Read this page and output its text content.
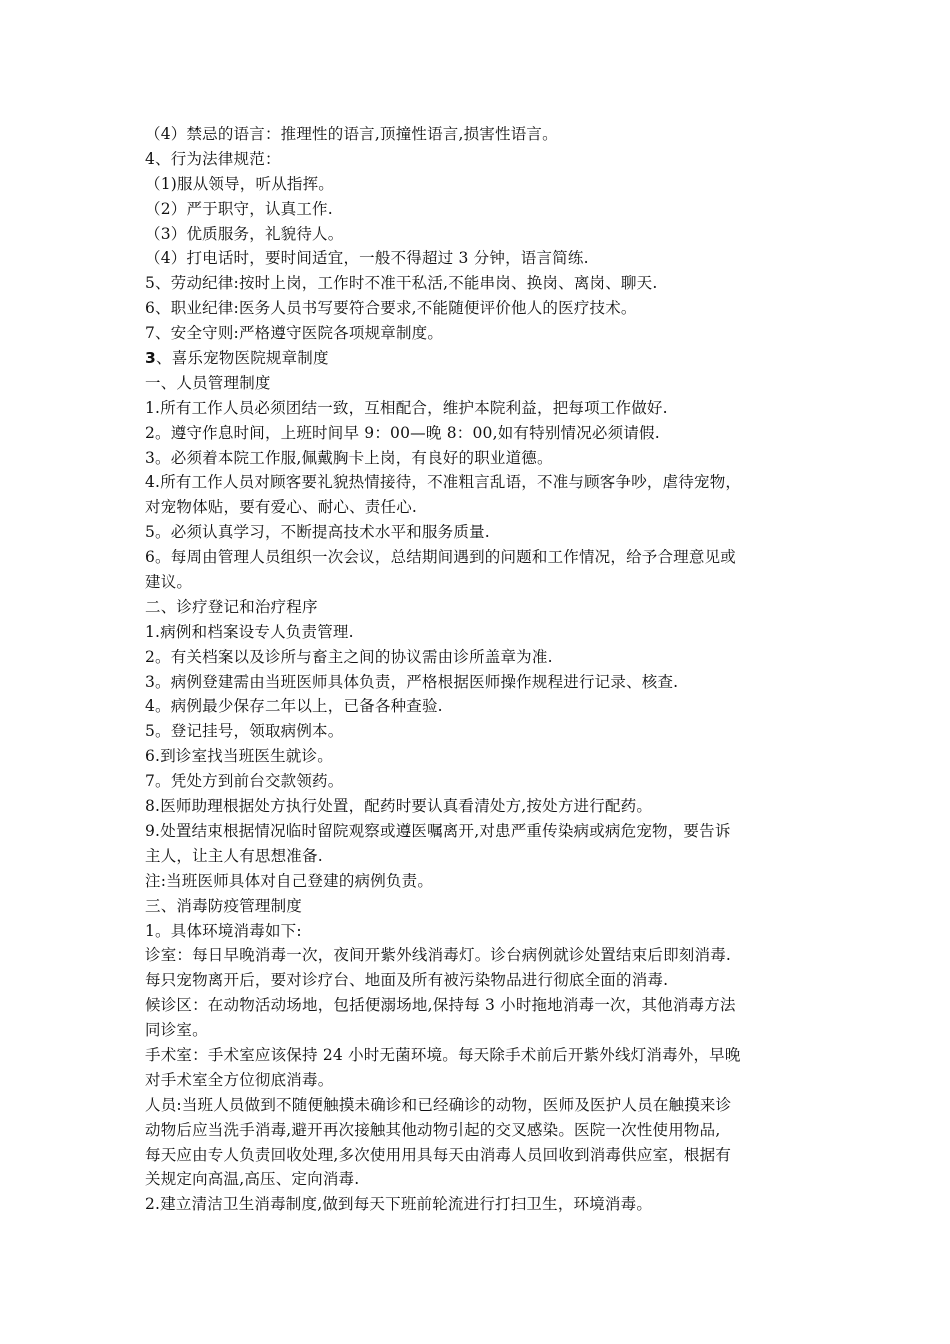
（4）禁忌的语言：推理性的语言,顶撞性语言,损害性语言。
4、行为法律规范：
（1)服从领导，听从指挥。
（2）严于职守，认真工作.
（3）优质服务，礼貌待人。
（4）打电话时，要时间适宜，一般不得超过 3 分钟，语言简练.
5、劳动纪律:按时上岗，工作时不准干私活,不能串岗、换岗、离岗、聊天.
6、职业纪律:医务人员书写要符合要求,不能随便评价他人的医疗技术。
7、安全守则:严格遵守医院各项规章制度。
3、喜乐宠物医院规章制度
一、人员管理制度
1.所有工作人员必须团结一致，互相配合，维护本院利益，把每项工作做好.
2。遵守作息时间，上班时间早 9：00—晚 8：00,如有特别情况必须请假.
3。必须着本院工作服,佩戴胸卡上岗，有良好的职业道德。
4.所有工作人员对顾客要礼貌热情接待，不准粗言乱语，不准与顾客争吵，虐待宠物，
对宠物体贴，要有爱心、耐心、责任心.
5。必须认真学习，不断提高技术水平和服务质量.
6。每周由管理人员组织一次会议，总结期间遇到的问题和工作情况，给予合理意见或
建议。
二、诊疗登记和治疗程序
1.病例和档案设专人负责管理.
2。有关档案以及诊所与畜主之间的协议需由诊所盖章为准.
3。病例登建需由当班医师具体负责，严格根据医师操作规程进行记录、核查.
4。病例最少保存二年以上，已备各种查验.
5。登记挂号，领取病例本。
6.到诊室找当班医生就诊。
7。凭处方到前台交款领药。
8.医师助理根据处方执行处置，配药时要认真看清处方,按处方进行配药。
9.处置结束根据情况临时留院观察或遵医嘱离开,对患严重传染病或病危宠物，要告诉
主人，让主人有思想准备.
注:当班医师具体对自己登建的病例负责。
三、消毒防疫管理制度
1。具体环境消毒如下:
诊室：每日早晚消毒一次，夜间开紫外线消毒灯。诊台病例就诊处置结束后即刻消毒.
每只宠物离开后，要对诊疗台、地面及所有被污染物品进行彻底全面的消毒.
候诊区：在动物活动场地，包括便溺场地,保持每 3 小时拖地消毒一次，其他消毒方法
同诊室。
手术室：手术室应该保持 24 小时无菌环境。每天除手术前后开紫外线灯消毒外，早晚
对手术室全方位彻底消毒。
人员:当班人员做到不随便触摸未确诊和已经确诊的动物，医师及医护人员在触摸来诊
动物后应当洗手消毒,避开再次接触其他动物引起的交叉感染。医院一次性使用物品,
每天应由专人负责回收处理,多次使用用具每天由消毒人员回收到消毒供应室，根据有
关规定向高温,高压、定向消毒.
2.建立清洁卫生消毒制度,做到每天下班前轮流进行打扫卫生，环境消毒。
